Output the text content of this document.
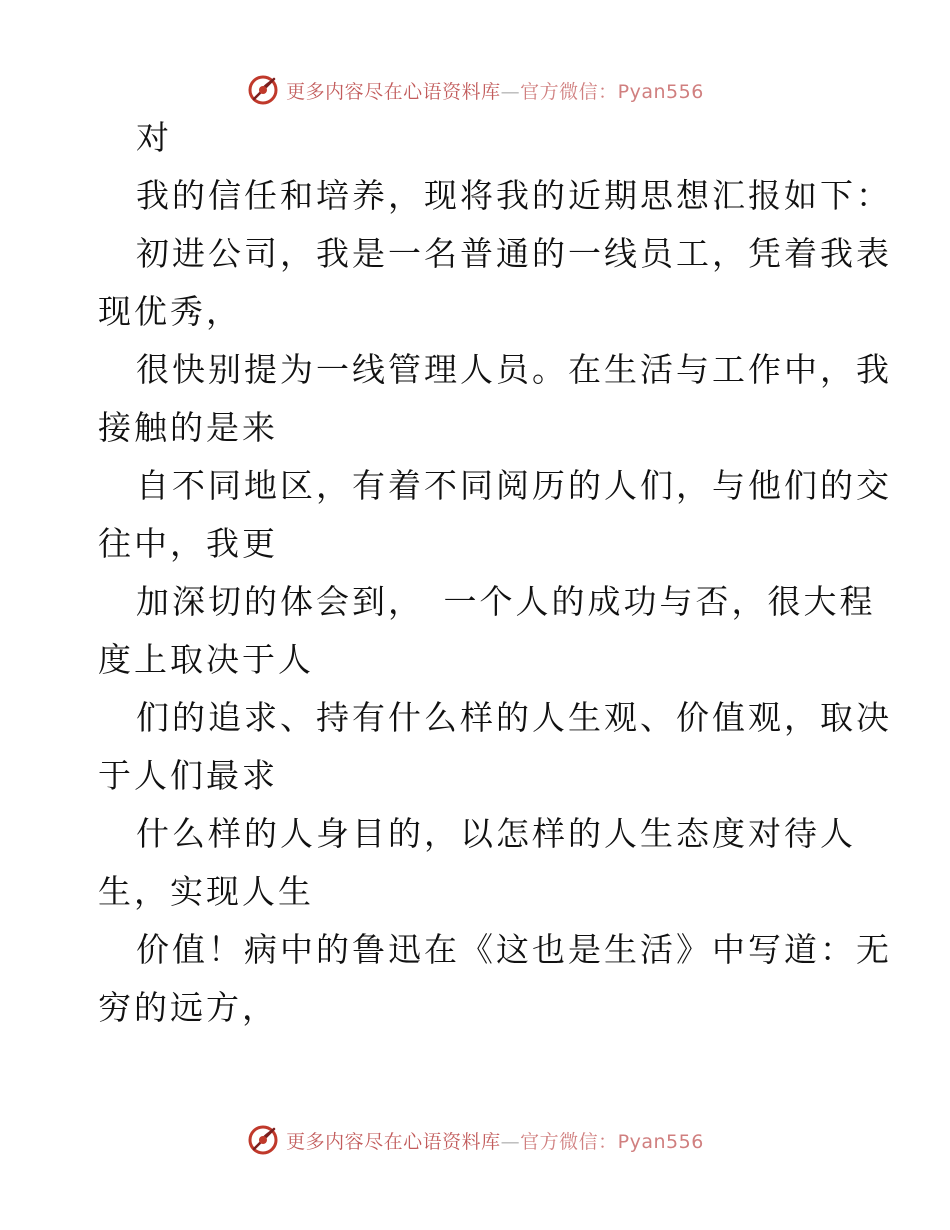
更多内容尽在心语资料库—官方微信：Pyan556
对
我的信任和培养，现将我的近期思想汇报如下：
初进公司，我是一名普通的一线员工，凭着我表
现优秀，
很快别提为一线管理人员。在生活与工作中，我
接触的是来
自不同地区，有着不同阅历的人们，与他们的交
往中，我更
加深切的体会到，　一个人的成功与否，很大程
度上取决于人
们的追求、持有什么样的人生观、价值观，取决
于人们最求
什么样的人身目的，以怎样的人生态度对待人
生，实现人生
价值！病中的鲁迅在《这也是生活》中写道：无
穷的远方，
更多内容尽在心语资料库—官方微信：Pyan556
